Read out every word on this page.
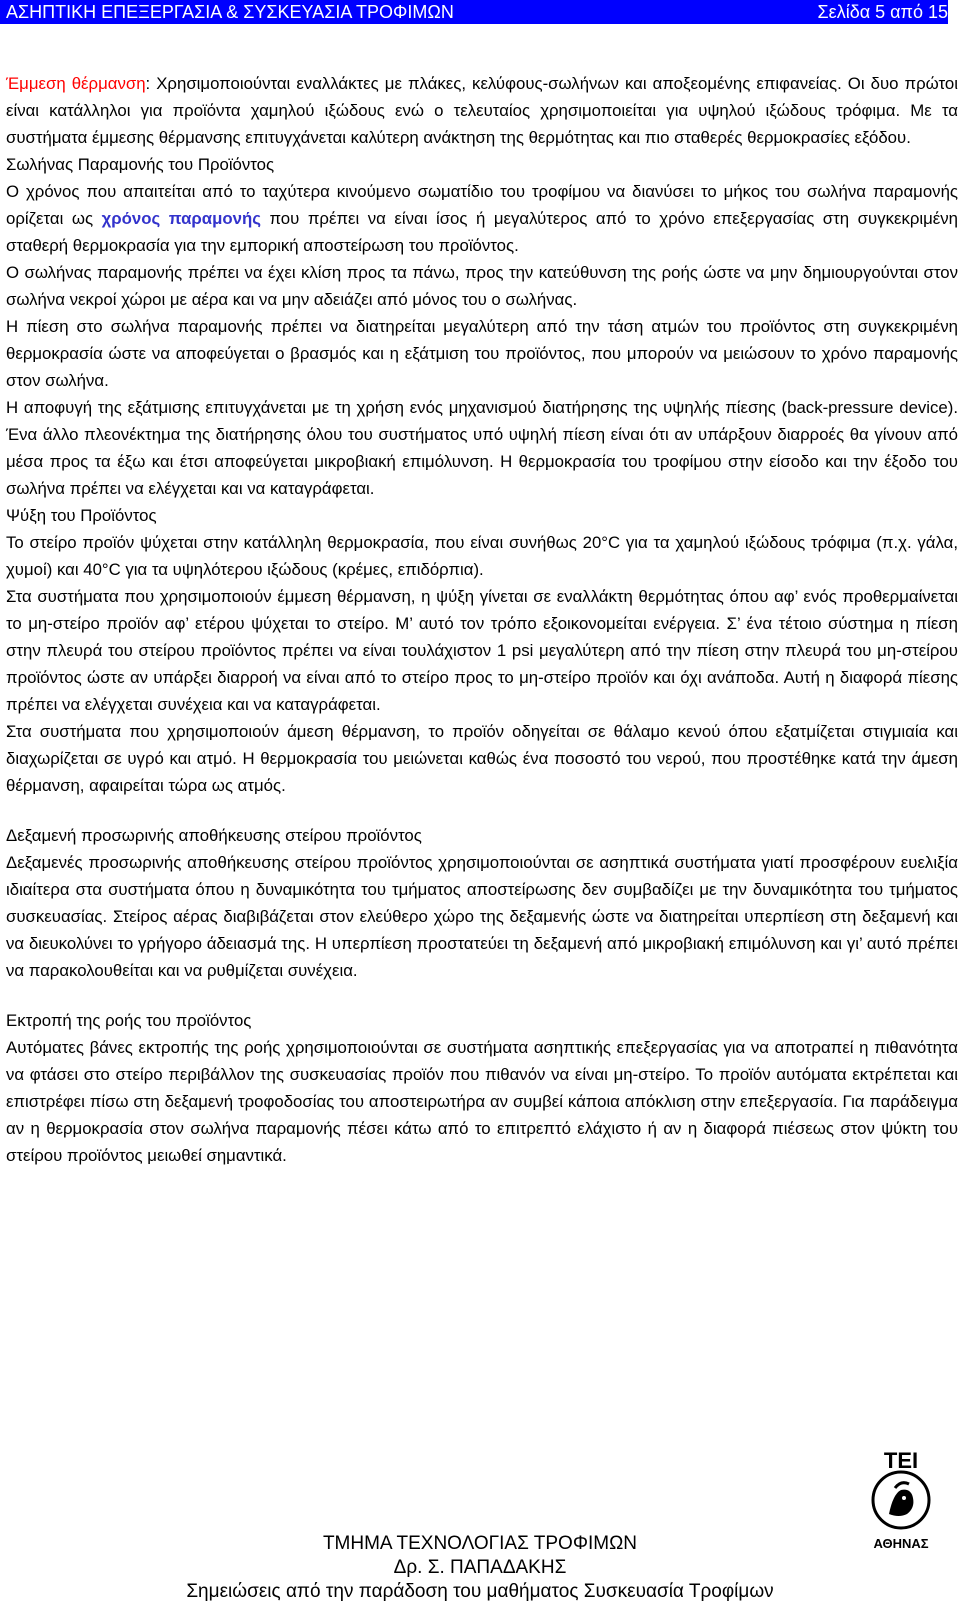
ΑΣΗΠΤΙΚΗ ΕΠΕΞΕΡΓΑΣΙΑ & ΣΥΣΚΕΥΑΣΙΑ ΤΡΟΦΙΜΩΝ	Σελίδα 5 από 15

Έμμεση θέρμανση: Χρησιμοποιούνται εναλλάκτες με πλάκες, κελύφους-σωλήνων και αποξεομένης επιφανείας. Οι δυο πρώτοι είναι κατάλληλοι για προϊόντα χαμηλού ιξώδους ενώ ο τελευταίος χρησιμοποιείται για υψηλού ιξώδους τρόφιμα. Με τα συστήματα έμμεσης θέρμανσης επιτυγχάνεται καλύτερη ανάκτηση της θερμότητας και πιο σταθερές θερμοκρασίες εξόδου.

Σωλήνας Παραμονής του Προϊόντος

Ο χρόνος που απαιτείται από το ταχύτερα κινούμενο σωματίδιο του τροφίμου να διανύσει το μήκος του σωλήνα παραμονής ορίζεται ως χρόνος παραμονής που πρέπει να είναι ίσος ή μεγαλύτερος από το χρόνο επεξεργασίας στη συγκεκριμένη σταθερή θερμοκρασία για την εμπορική αποστείρωση του προϊόντος.

Ο σωλήνας παραμονής πρέπει να έχει κλίση προς τα πάνω, προς την κατεύθυνση της ροής ώστε να μην δημιουργούνται στον σωλήνα νεκροί χώροι με αέρα και να μην αδειάζει από μόνος του ο σωλήνας.

Η πίεση στο σωλήνα παραμονής πρέπει να διατηρείται μεγαλύτερη από την τάση ατμών του προϊόντος στη συγκεκριμένη θερμοκρασία ώστε να αποφεύγεται ο βρασμός και η εξάτμιση του προϊόντος, που μπορούν να μειώσουν το χρόνο παραμονής στον σωλήνα.

Η αποφυγή της εξάτμισης επιτυγχάνεται με τη χρήση ενός μηχανισμού διατήρησης της υψηλής πίεσης (back-pressure device). Ένα άλλο πλεονέκτημα της διατήρησης όλου του συστήματος υπό υψηλή πίεση είναι ότι αν υπάρξουν διαρροές θα γίνουν από μέσα προς τα έξω και έτσι αποφεύγεται μικροβιακή επιμόλυνση. Η θερμοκρασία του τροφίμου στην είσοδο και την έξοδο του σωλήνα πρέπει να ελέγχεται και να καταγράφεται.

Ψύξη του Προϊόντος

Το στείρο προϊόν ψύχεται στην κατάλληλη θερμοκρασία, που είναι συνήθως 20°C για τα χαμηλού ιξώδους τρόφιμα (π.χ. γάλα, χυμοί) και 40°C για τα υψηλότερου ιξώδους (κρέμες, επιδόρπια).

Στα συστήματα που χρησιμοποιούν έμμεση θέρμανση, η ψύξη γίνεται σε εναλλάκτη θερμότητας όπου αφ’ ενός προθερμαίνεται το μη-στείρο προϊόν αφ’ ετέρου ψύχεται το στείρο. Μ’ αυτό τον τρόπο εξοικονομείται ενέργεια. Σ’ ένα τέτοιο σύστημα η πίεση στην πλευρά του στείρου προϊόντος πρέπει να είναι τουλάχιστον 1 psi μεγαλύτερη από την πίεση στην πλευρά του μη-στείρου προϊόντος ώστε αν υπάρξει διαρροή να είναι από το στείρο προς το μη-στείρο προϊόν και όχι ανάποδα. Αυτή η διαφορά πίεσης πρέπει να ελέγχεται συνέχεια και να καταγράφεται.

Στα συστήματα που χρησιμοποιούν άμεση θέρμανση, το προϊόν οδηγείται σε θάλαμο κενού όπου εξατμίζεται στιγμιαία και διαχωρίζεται σε υγρό και ατμό. Η θερμοκρασία του μειώνεται καθώς ένα ποσοστό του νερού, που προστέθηκε κατά την άμεση θέρμανση, αφαιρείται τώρα ως ατμός.

Δεξαμενή προσωρινής αποθήκευσης στείρου προϊόντος

Δεξαμενές προσωρινής αποθήκευσης στείρου προϊόντος χρησιμοποιούνται σε ασηπτικά συστήματα γιατί προσφέρουν ευελιξία ιδιαίτερα στα συστήματα όπου η δυναμικότητα του τμήματος αποστείρωσης δεν συμβαδίζει με την δυναμικότητα του τμήματος συσκευασίας. Στείρος αέρας διαβιβάζεται στον ελεύθερο χώρο της δεξαμενής ώστε να διατηρείται υπερπίεση στη δεξαμενή και να διευκολύνει το γρήγορο άδειασμά της. Η υπερπίεση προστατεύει τη δεξαμενή από μικροβιακή επιμόλυνση και γι’ αυτό πρέπει να παρακολουθείται και να ρυθμίζεται συνέχεια.

Εκτροπή της ροής του προϊόντος

Αυτόματες βάνες εκτροπής της ροής χρησιμοποιούνται σε συστήματα ασηπτικής επεξεργασίας για να αποτραπεί η πιθανότητα να φτάσει στο στείρο περιβάλλον της συσκευασίας προϊόν που πιθανόν να είναι μη-στείρο. Το προϊόν αυτόματα εκτρέπεται και επιστρέφει πίσω στη δεξαμενή τροφοδοσίας του αποστειρωτήρα αν συμβεί κάποια απόκλιση στην επεξεργασία. Για παράδειγμα αν η θερμοκρασία στον σωλήνα παραμονής πέσει κάτω από το επιτρεπτό ελάχιστο ή αν η διαφορά πιέσεως στον ψύκτη του στείρου προϊόντος μειωθεί σημαντικά.

ΤΕΙ
ΑΘΗΝΑΣ
ΤΜΗΜΑ ΤΕΧΝΟΛΟΓΙΑΣ ΤΡΟΦΙΜΩΝ
Δρ. Σ. ΠΑΠΑΔΑΚΗΣ
Σημειώσεις από την παράδοση του μαθήματος Συσκευασία Τροφίμων
